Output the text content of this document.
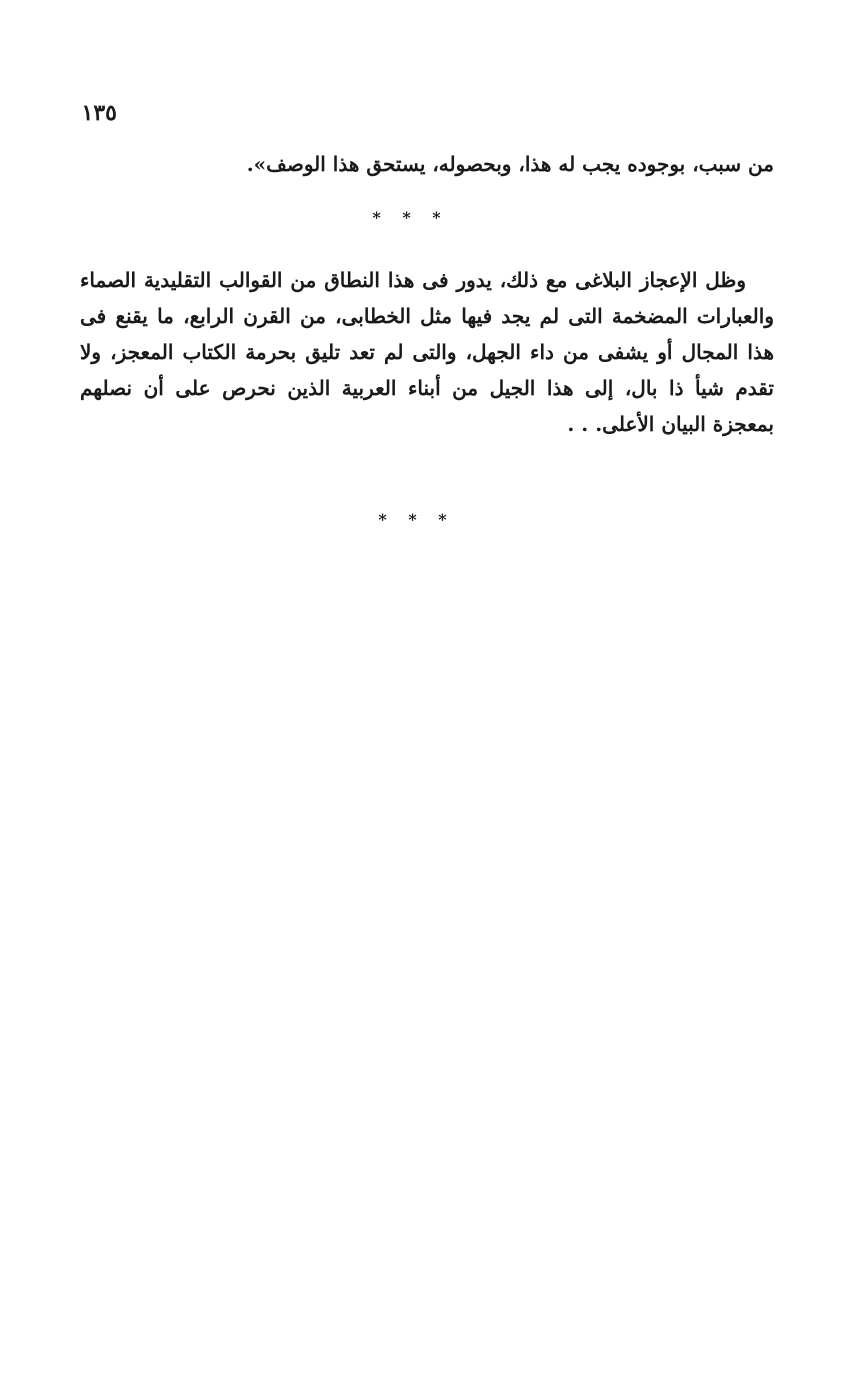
١٣٥

من سبب، بوجوده يجب له هذا، وبحصوله، يستحق هذا الوصف».

* * *

وظل الإعجاز البلاغى مع ذلك، يدور فى هذا النطاق من القوالب التقليدية الصماء والعبارات المضخمة التى لم يجد فيها مثل الخطابى، من القرن الرابع، ما يقنع فى هذا المجال أو يشفى من داء الجهل، والتى لم تعد تليق بحرمة الكتاب المعجز، ولا تقدم شيأ ذا بال، إلى هذا الجيل من أبناء العربية الذين نحرص على أن نصلهم بمعجزة البيان الأعلى. . .

* * *
